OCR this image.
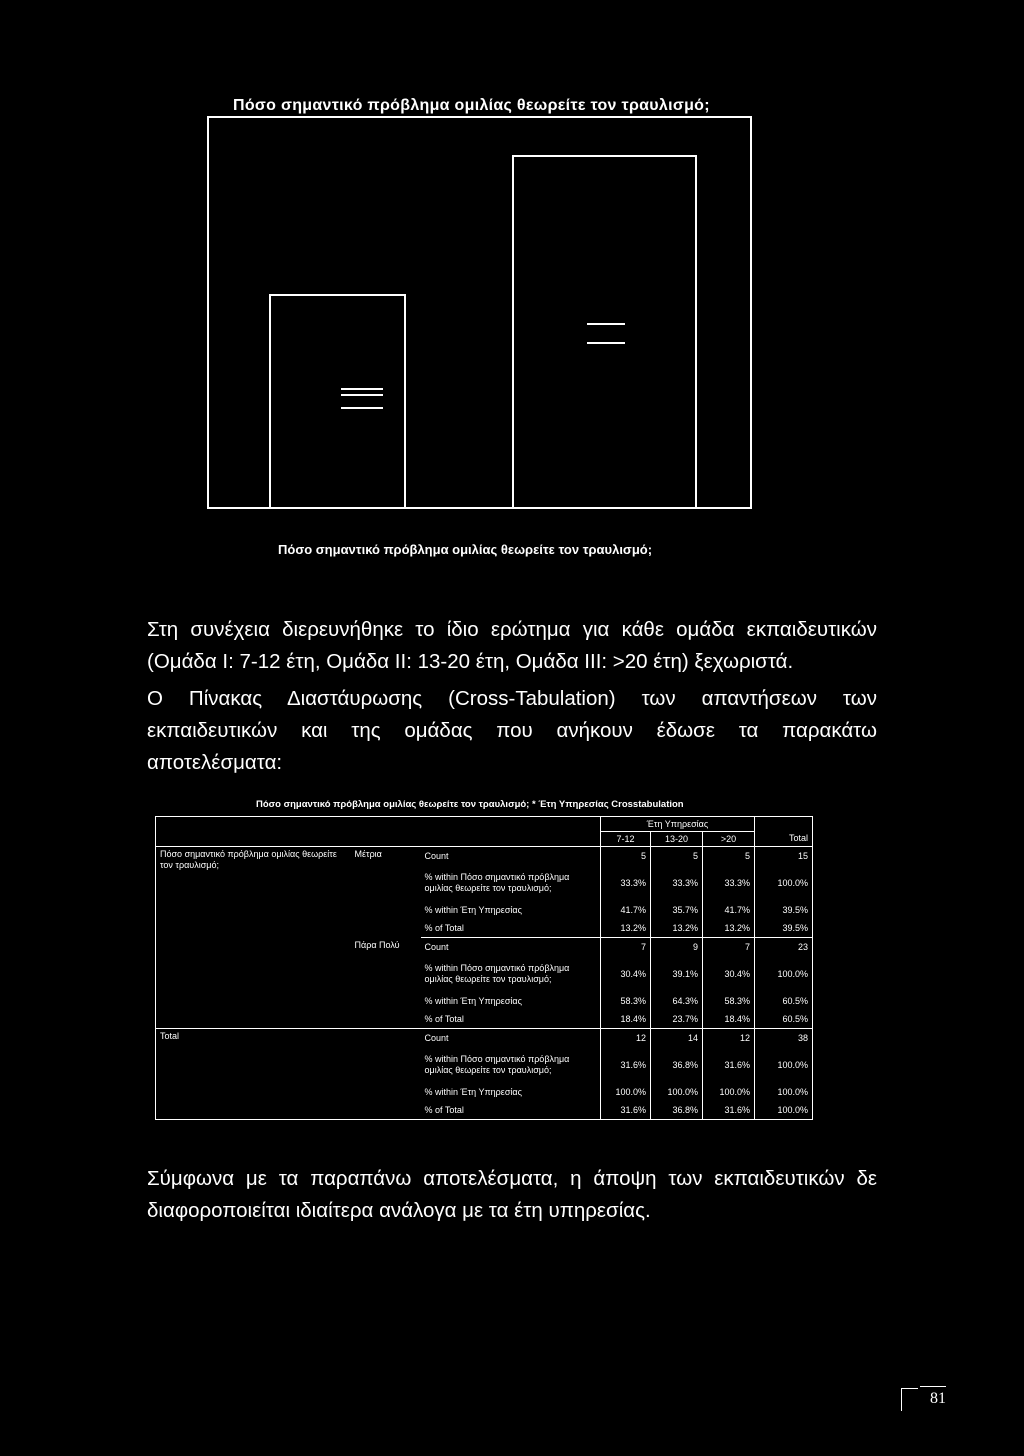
Πόσο σημαντικό πρόβλημα ομιλίας θεωρείτε τον τραυλισμό;
Πόσο σημαντικό πρόβλημα ομιλίας θεωρείτε τον τραυλισμό;
Στη συνέχεια διερευνήθηκε το ίδιο ερώτημα για κάθε ομάδα εκπαιδευτικών
(Ομάδα Ι: 7-12 έτη, Ομάδα ΙΙ: 13-20 έτη, Ομάδα ΙΙΙ: >20 έτη) ξεχωριστά.
Ο Πίνακας Διαστάυρωσης (Cross-Tabulation) των απαντήσεων των
εκπαιδευτικών και της ομάδας που ανήκουν έδωσε τα παρακάτω
αποτελέσματα:
Πόσο σημαντικό πρόβλημα ομιλίας θεωρείτε τον τραυλισμό; * Έτη Υπηρεσίας Crosstabulation
			Έτη Υπηρεσίας			
			7-12	13-20	>20	Total
Πόσο σημαντικό πρόβλημα ομιλίας θεωρείτε τον τραυλισμό;	Μέτρια	Count	5	5	5	15
		% within Πόσο σημαντικό πρόβλημα ομιλίας θεωρείτε τον τραυλισμό;	33.3%	33.3%	33.3%	100.0%
		% within Έτη Υπηρεσίας	41.7%	35.7%	41.7%	39.5%
		% of Total	13.2%	13.2%	13.2%	39.5%
	Πάρα Πολύ	Count	7	9	7	23
		% within Πόσο σημαντικό πρόβλημα ομιλίας θεωρείτε τον τραυλισμό;	30.4%	39.1%	30.4%	100.0%
		% within Έτη Υπηρεσίας	58.3%	64.3%	58.3%	60.5%
		% of Total	18.4%	23.7%	18.4%	60.5%
Total		Count	12	14	12	38
		% within Πόσο σημαντικό πρόβλημα ομιλίας θεωρείτε τον τραυλισμό;	31.6%	36.8%	31.6%	100.0%
		% within Έτη Υπηρεσίας	100.0%	100.0%	100.0%	100.0%
		% of Total	31.6%	36.8%	31.6%	100.0%
Σύμφωνα με τα παραπάνω αποτελέσματα, η άποψη των εκπαιδευτικών δε
διαφοροποιείται ιδιαίτερα ανάλογα με τα έτη υπηρεσίας.
81
